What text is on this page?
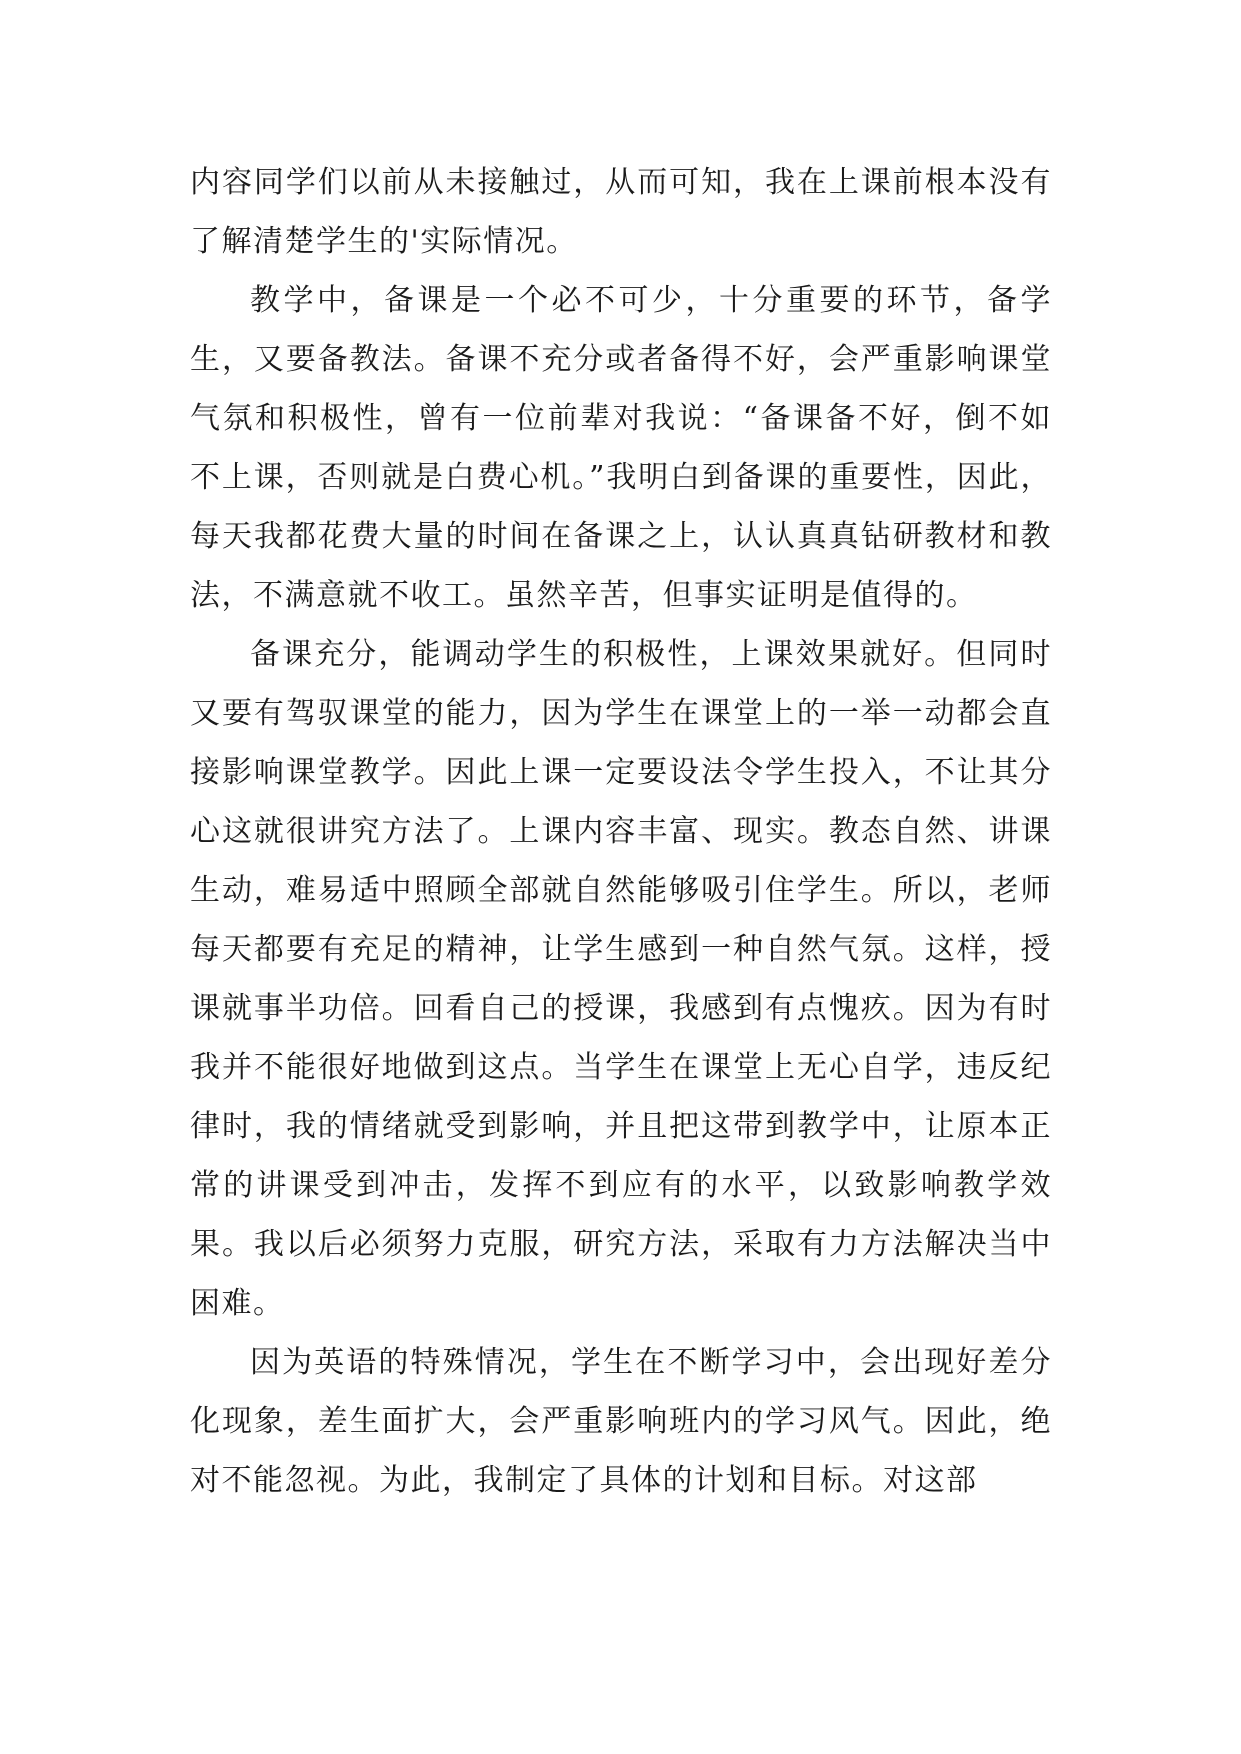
内容同学们以前从未接触过，从而可知，我在上课前根本没有了解清楚学生的'实际情况。

教学中，备课是一个必不可少，十分重要的环节，备学生，又要备教法。备课不充分或者备得不好，会严重影响课堂气氛和积极性，曾有一位前辈对我说：“备课备不好，倒不如不上课，否则就是白费心机。”我明白到备课的重要性，因此，每天我都花费大量的时间在备课之上，认认真真钻研教材和教法，不满意就不收工。虽然辛苦，但事实证明是值得的。

备课充分，能调动学生的积极性，上课效果就好。但同时又要有驾驭课堂的能力，因为学生在课堂上的一举一动都会直接影响课堂教学。因此上课一定要设法令学生投入，不让其分心这就很讲究方法了。上课内容丰富、现实。教态自然、讲课生动，难易适中照顾全部就自然能够吸引住学生。所以，老师每天都要有充足的精神，让学生感到一种自然气氛。这样，授课就事半功倍。回看自己的授课，我感到有点愧疚。因为有时我并不能很好地做到这点。当学生在课堂上无心自学，违反纪律时，我的情绪就受到影响，并且把这带到教学中，让原本正常的讲课受到冲击，发挥不到应有的水平，以致影响教学效果。我以后必须努力克服，研究方法，采取有力方法解决当中困难。

因为英语的特殊情况，学生在不断学习中，会出现好差分化现象，差生面扩大，会严重影响班内的学习风气。因此，绝对不能忽视。为此，我制定了具体的计划和目标。对这部
